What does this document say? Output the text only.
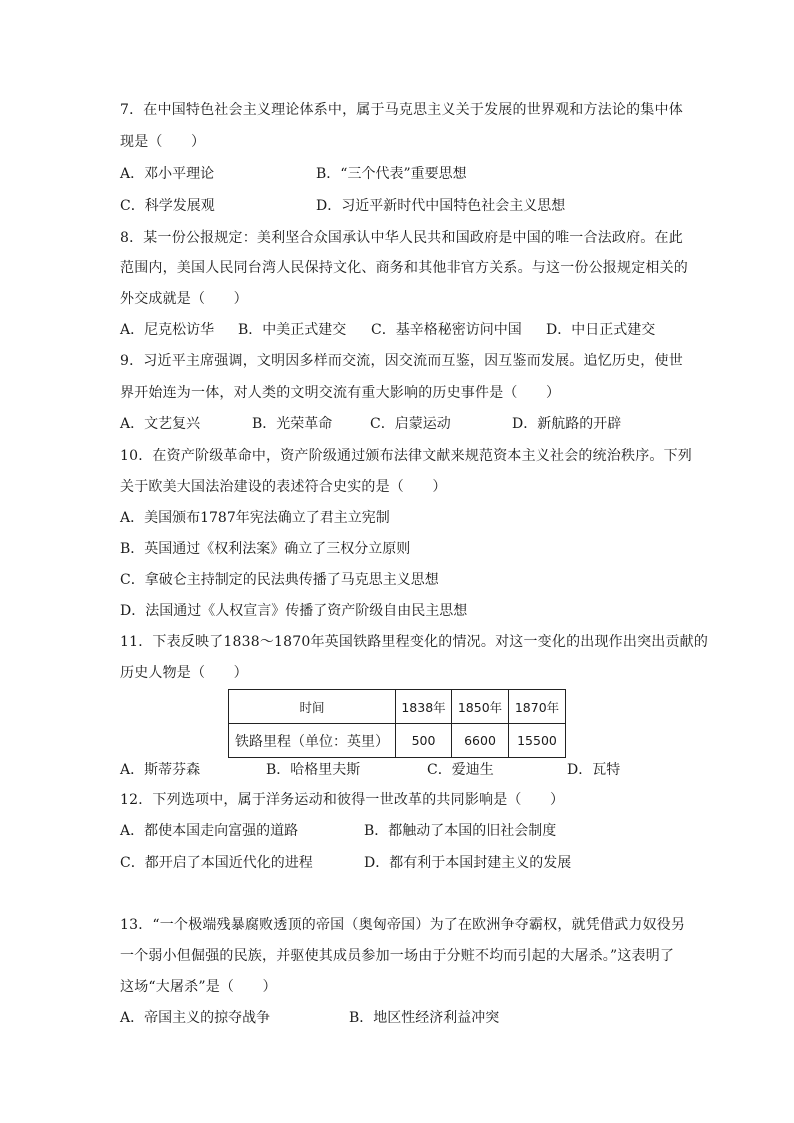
7．在中国特色社会主义理论体系中，属于马克思主义关于发展的世界观和方法论的集中体
现是（　　）
A．邓小平理论	B．“三个代表”重要思想
C．科学发展观	D．习近平新时代中国特色社会主义思想
8．某一份公报规定：美利坚合众国承认中华人民共和国政府是中国的唯一合法政府。在此
范围内，美国人民同台湾人民保持文化、商务和其他非官方关系。与这一份公报规定相关的
外交成就是（　　）
A．尼克松访华 B．中美正式建交 C．基辛格秘密访问中国 D．中日正式建交
9．习近平主席强调，文明因多样而交流，因交流而互鉴，因互鉴而发展。追忆历史，使世
界开始连为一体，对人类的文明交流有重大影响的历史事件是（　　）
A．文艺复兴	B．光荣革命	C．启蒙运动	D．新航路的开辟
10．在资产阶级革命中，资产阶级通过颁布法律文献来规范资本主义社会的统治秩序。下列
关于欧美大国法治建设的表述符合史实的是（　　）
A．美国颁布1787年宪法确立了君主立宪制
B．英国通过《权利法案》确立了三权分立原则
C．拿破仑主持制定的民法典传播了马克思主义思想
D．法国通过《人权宣言》传播了资产阶级自由民主思想
11．下表反映了1838～1870年英国铁路里程变化的情况。对这一变化的出现作出突出贡献的
历史人物是（　　）
时间	1838年	1850年	1870年
铁路里程（单位：英里）	500	6600	15500
A．斯蒂芬森	B．哈格里夫斯	C．爱迪生	D．瓦特
12．下列选项中，属于洋务运动和彼得一世改革的共同影响是（　　）
A．都使本国走向富强的道路	B．都触动了本国的旧社会制度
C．都开启了本国近代化的进程	D．都有利于本国封建主义的发展
13．“一个极端残暴腐败透顶的帝国（奥匈帝国）为了在欧洲争夺霸权，就凭借武力奴役另
一个弱小但倔强的民族，并驱使其成员参加一场由于分赃不均而引起的大屠杀。”这表明了
这场“大屠杀”是（　　）
A．帝国主义的掠夺战争	B．地区性经济利益冲突
